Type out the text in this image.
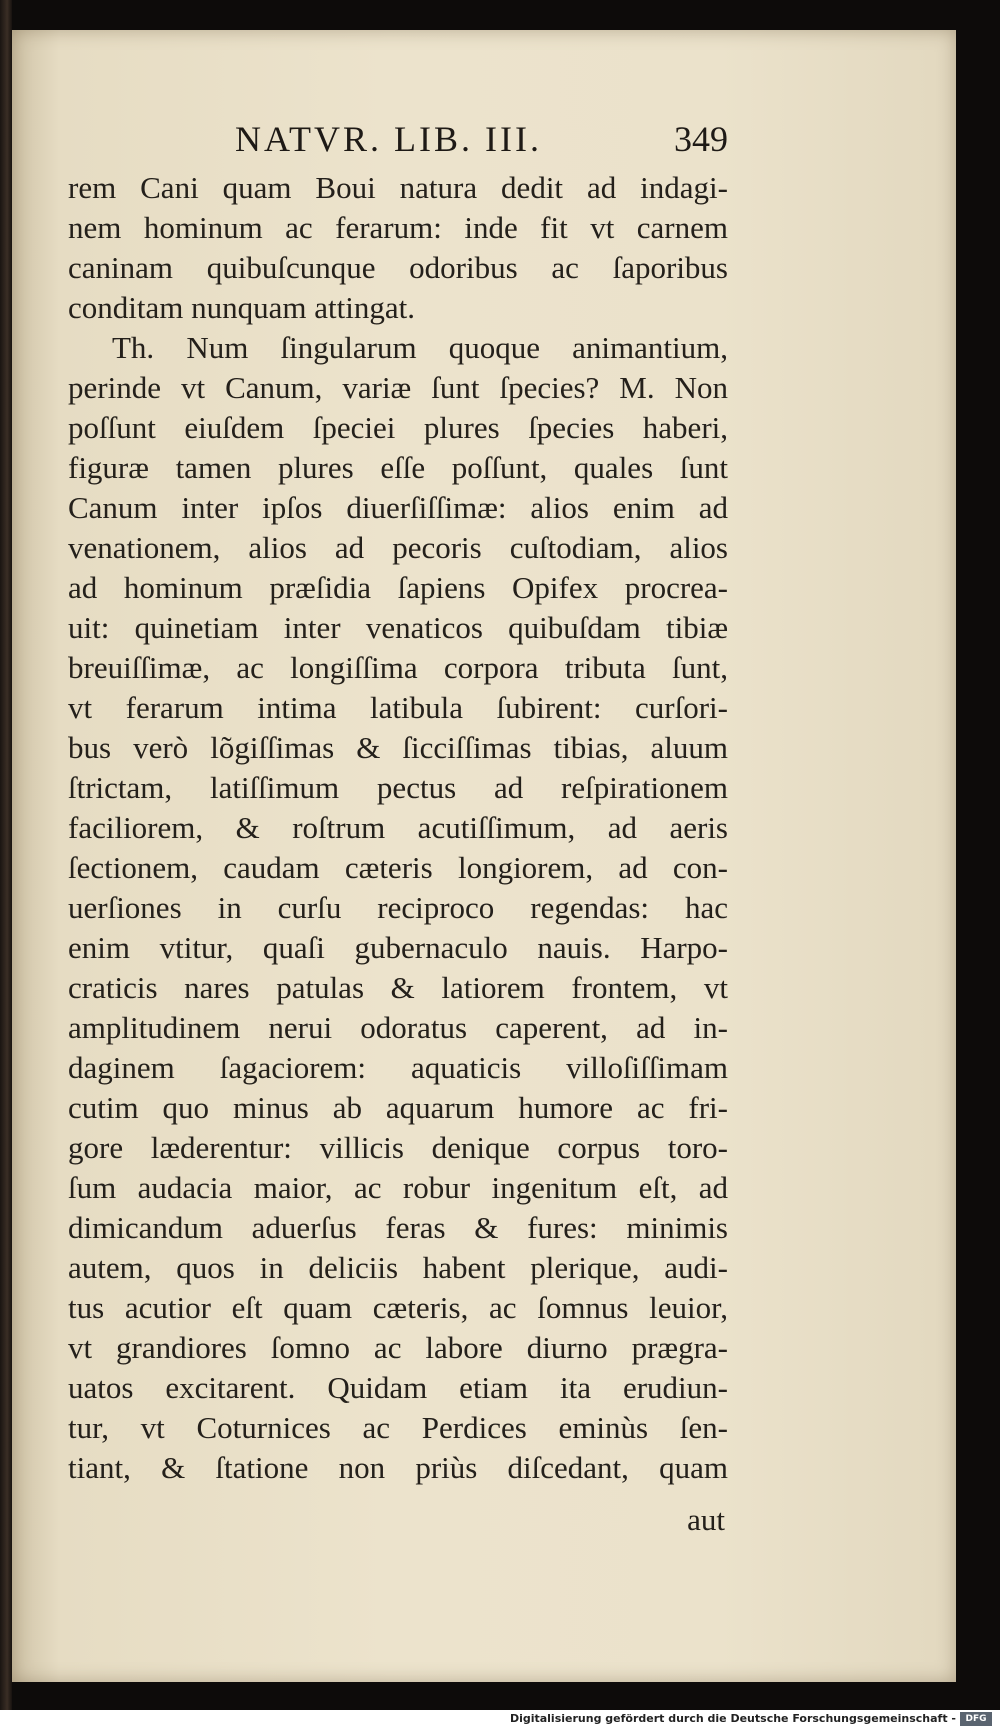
NATVR. LIB. III.	349
rem Cani quam Boui natura dedit ad indagi-
nem hominum ac ferarum: inde fit vt carnem
caninam quibuſcunque odoribus ac ſaporibus
conditam nunquam attingat.
Th. Num ſingularum quoque animantium,
perinde vt Canum, variæ ſunt ſpecies? M. Non
poſſunt eiuſdem ſpeciei plures ſpecies haberi,
figuræ tamen plures eſſe poſſunt, quales ſunt
Canum inter ipſos diuerſiſſimæ: alios enim ad
venationem, alios ad pecoris cuſtodiam, alios
ad hominum præſidia ſapiens Opifex procrea-
uit: quinetiam inter venaticos quibuſdam tibiæ
breuiſſimæ, ac longiſſima corpora tributa ſunt,
vt ferarum intima latibula ſubirent: curſori-
bus verò lõgiſſimas & ſicciſſimas tibias, aluum
ſtrictam, latiſſimum pectus ad reſpirationem
faciliorem, & roſtrum acutiſſimum, ad aeris
ſectionem, caudam cæteris longiorem, ad con-
uerſiones in curſu reciproco regendas: hac
enim vtitur, quaſi gubernaculo nauis. Harpo-
craticis nares patulas & latiorem frontem, vt
amplitudinem nerui odoratus caperent, ad in-
daginem ſagaciorem: aquaticis villoſiſſimam
cutim quo minus ab aquarum humore ac fri-
gore læderentur: villicis denique corpus toro-
ſum audacia maior, ac robur ingenitum eſt, ad
dimicandum aduerſus feras & fures: minimis
autem, quos in deliciis habent plerique, audi-
tus acutior eſt quam cæteris, ac ſomnus leuior,
vt grandiores ſomno ac labore diurno prægra-
uatos excitarent. Quidam etiam ita erudiun-
tur, vt Coturnices ac Perdices eminùs ſen-
tiant, & ſtatione non priùs diſcedant, quam
aut
Digitalisierung gefördert durch die Deutsche Forschungsgemeinschaft -	DFG
